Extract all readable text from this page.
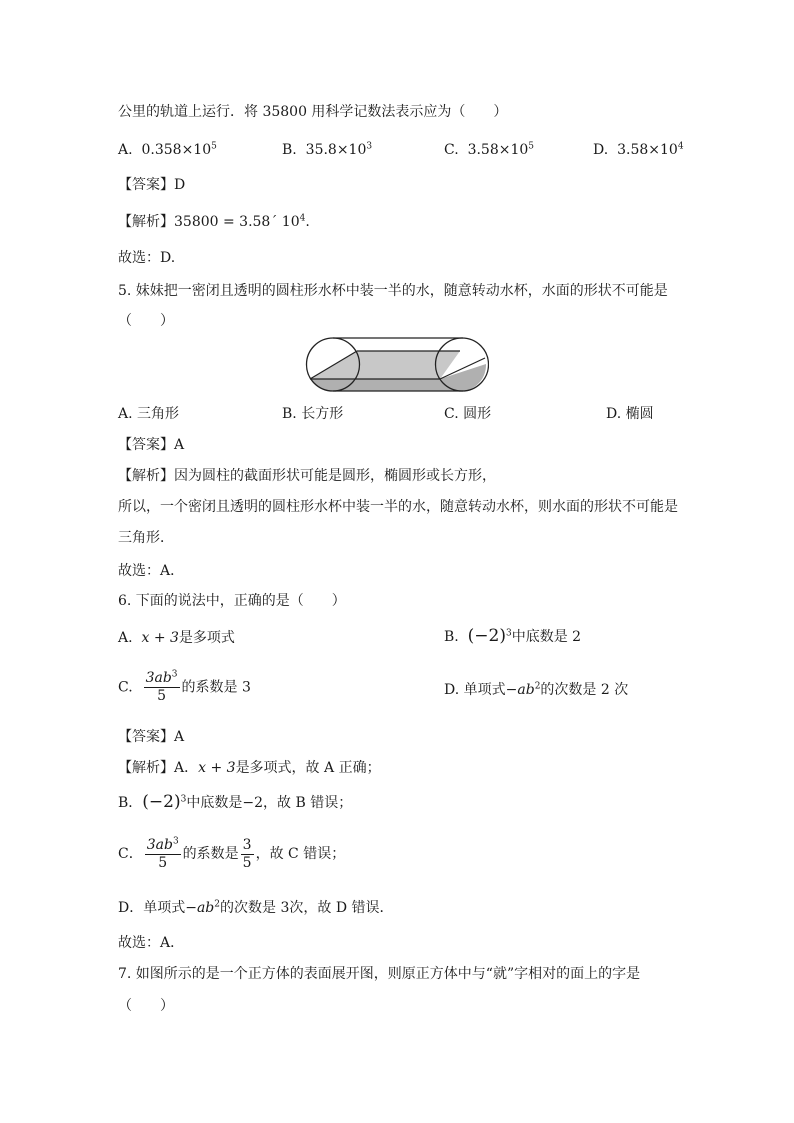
公里的轨道上运行．将 35800 用科学记数法表示应为（　　）
A. $0.358\times 10^5$	B. $35.8\times 10^3$	C. $3.58\times 10^5$	D. $3.58\times 10^4$
【答案】D
【解析】35800 = 3.58´ $10^4$.
故选：D.
5. 妹妹把一密闭且透明的圆柱形水杯中装一半的水，随意转动水杯，水面的形状不可能是
（　　）
A. 三角形	B. 长方形	C. 圆形	D. 椭圆
【答案】A
【解析】因为圆柱的截面形状可能是圆形，椭圆形或长方形，
所以，一个密闭且透明的圆柱形水杯中装一半的水，随意转动水杯，则水面的形状不可能是
三角形．
故选：A．
6. 下面的说法中，正确的是（　　）
A. x + 3是多项式	B. $(-2)^3$中底数是 2
C. $\frac{3ab^3}{5}$ 的系数是 3	D. 单项式$-ab^2$的次数是 2 次
【答案】A
【解析】A．x + 3是多项式，故 A 正确；
B．$(-2)^3$中底数是−2，故 B 错误；
C． $\frac{3ab^3}{5}$ 的系数是 $\frac{3}{5}$ ，故 C 错误；
D．单项式$-ab^2$的次数是 3次，故 D 错误．
故选：A．
7. 如图所示的是一个正方体的表面展开图，则原正方体中与“就”字相对的面上的字是
（　　）
